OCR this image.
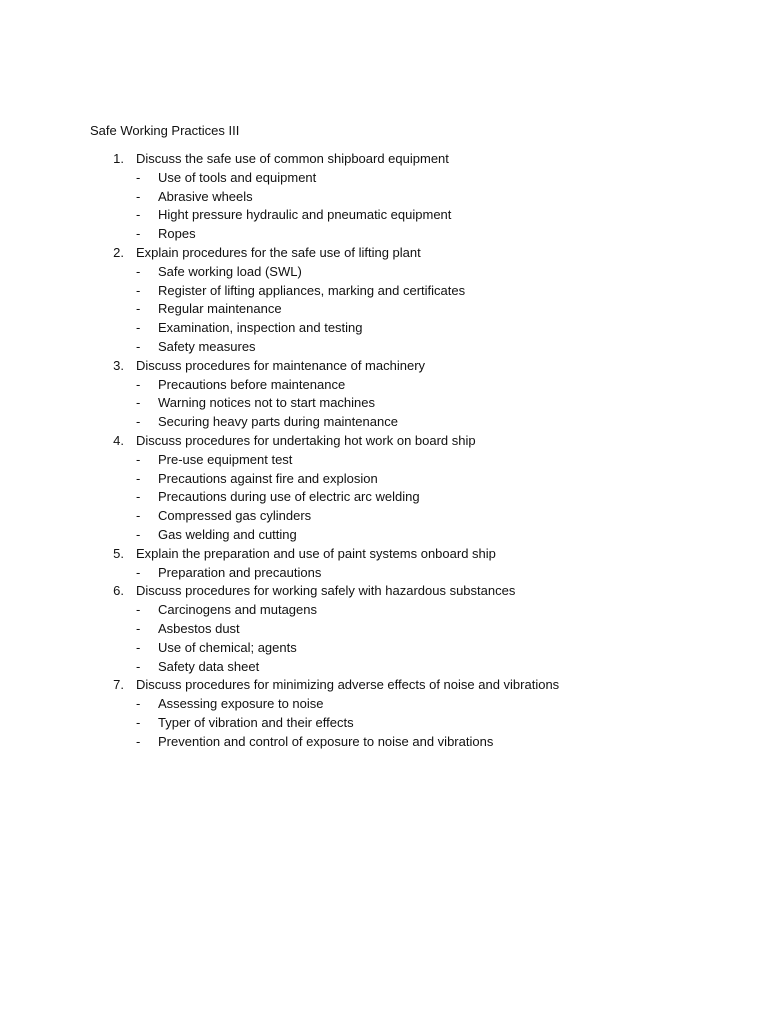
Safe Working Practices III
1. Discuss the safe use of common shipboard equipment
- Use of tools and equipment
- Abrasive wheels
- Hight pressure hydraulic and pneumatic equipment
- Ropes
2. Explain procedures for the safe use of lifting plant
- Safe working load (SWL)
- Register of lifting appliances, marking and certificates
- Regular maintenance
- Examination, inspection and testing
- Safety measures
3. Discuss procedures for maintenance of machinery
- Precautions before maintenance
- Warning notices not to start machines
- Securing heavy parts during maintenance
4. Discuss procedures for undertaking hot work on board ship
- Pre-use equipment test
- Precautions against fire and explosion
- Precautions during use of electric arc welding
- Compressed gas cylinders
- Gas welding and cutting
5. Explain the preparation and use of paint systems onboard ship
- Preparation and precautions
6. Discuss procedures for working safely with hazardous substances
- Carcinogens and mutagens
- Asbestos dust
- Use of chemical; agents
- Safety data sheet
7. Discuss procedures for minimizing adverse effects of noise and vibrations
- Assessing exposure to noise
- Typer of vibration and their effects
- Prevention and control of exposure to noise and vibrations
